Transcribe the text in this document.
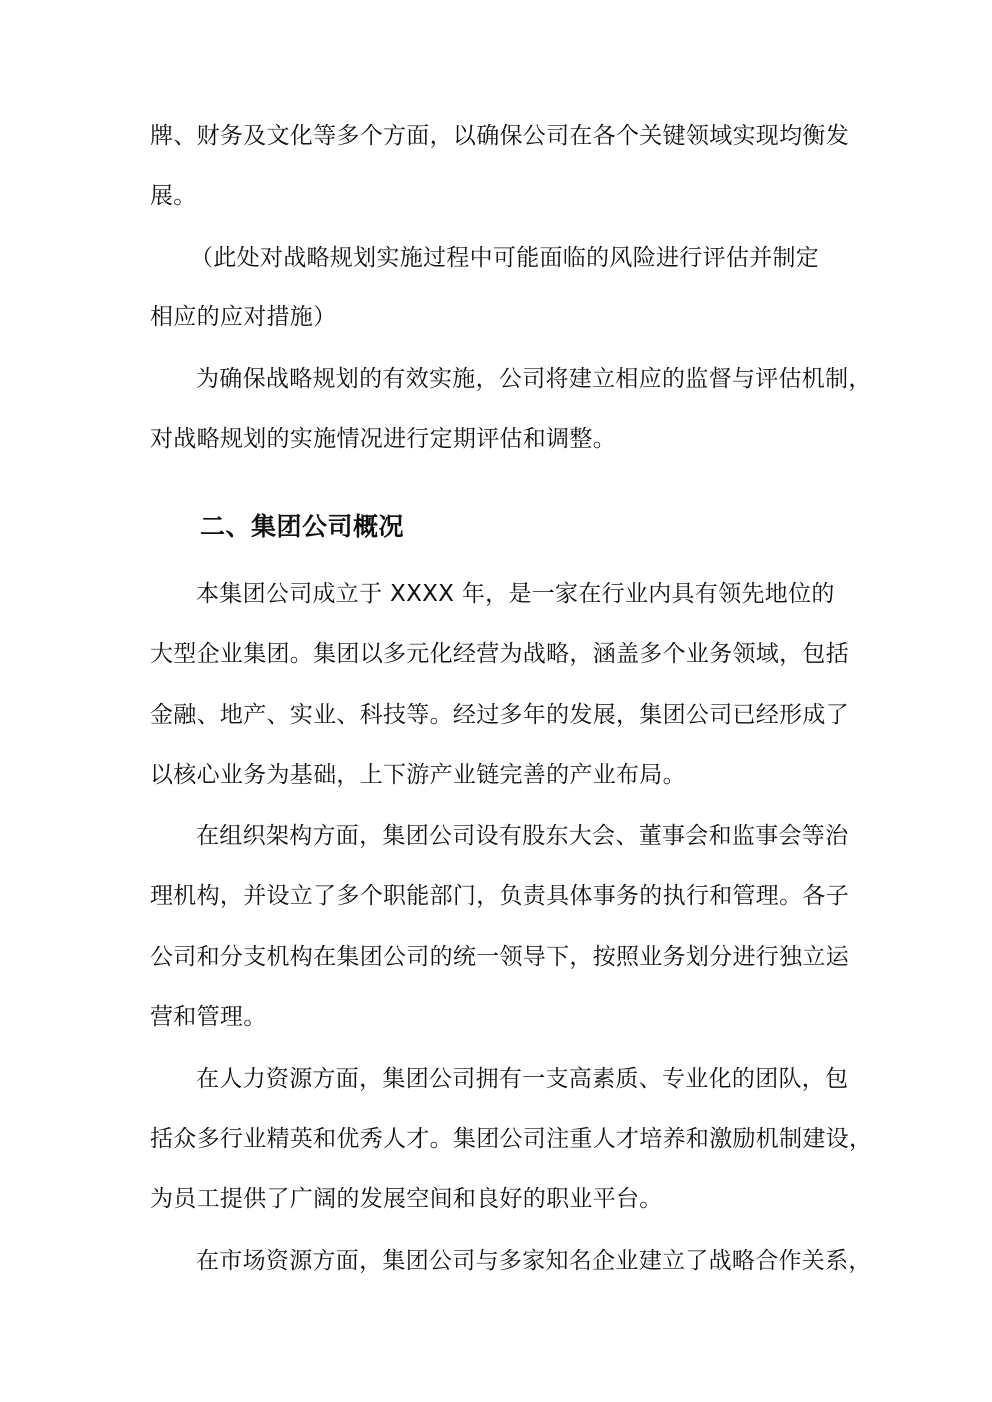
牌、财务及文化等多个方面，以确保公司在各个关键领域实现均衡发
展。
（此处对战略规划实施过程中可能面临的风险进行评估并制定
相应的应对措施）
为确保战略规划的有效实施，公司将建立相应的监督与评估机制，
对战略规划的实施情况进行定期评估和调整。
二、集团公司概况
本集团公司成立于 XXXX 年，是一家在行业内具有领先地位的
大型企业集团。集团以多元化经营为战略，涵盖多个业务领域，包括
金融、地产、实业、科技等。经过多年的发展，集团公司已经形成了
以核心业务为基础，上下游产业链完善的产业布局。
在组织架构方面，集团公司设有股东大会、董事会和监事会等治
理机构，并设立了多个职能部门，负责具体事务的执行和管理。各子
公司和分支机构在集团公司的统一领导下，按照业务划分进行独立运
营和管理。
在人力资源方面，集团公司拥有一支高素质、专业化的团队，包
括众多行业精英和优秀人才。集团公司注重人才培养和激励机制建设，
为员工提供了广阔的发展空间和良好的职业平台。
在市场资源方面，集团公司与多家知名企业建立了战略合作关系，
